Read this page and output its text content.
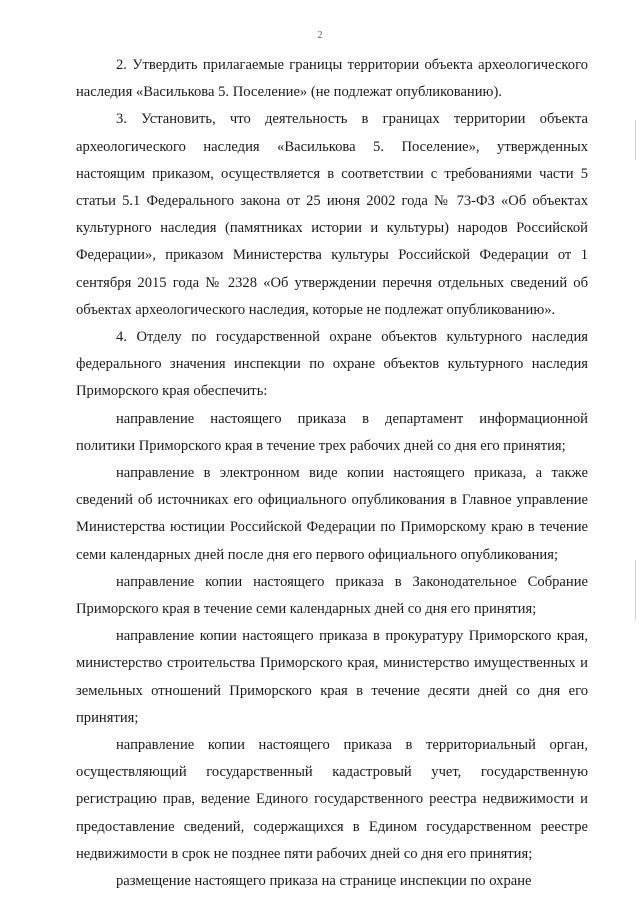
2

2. Утвердить прилагаемые границы территории объекта археологического наследия «Василькова 5. Поселение» (не подлежат опубликованию).

3. Установить, что деятельность в границах территории объекта археологического наследия «Василькова 5. Поселение», утвержденных настоящим приказом, осуществляется в соответствии с требованиями части 5 статьи 5.1 Федерального закона от 25 июня 2002 года № 73-ФЗ «Об объектах культурного наследия (памятниках истории и культуры) народов Российской Федерации», приказом Министерства культуры Российской Федерации от 1 сентября 2015 года № 2328 «Об утверждении перечня отдельных сведений об объектах археологического наследия, которые не подлежат опубликованию».

4. Отделу по государственной охране объектов культурного наследия федерального значения инспекции по охране объектов культурного наследия Приморского края обеспечить:

направление настоящего приказа в департамент информационной политики Приморского края в течение трех рабочих дней со дня его принятия;

направление в электронном виде копии настоящего приказа, а также сведений об источниках его официального опубликования в Главное управление Министерства юстиции Российской Федерации по Приморскому краю в течение семи календарных дней после дня его первого официального опубликования;

направление копии настоящего приказа в Законодательное Собрание Приморского края в течение семи календарных дней со дня его принятия;

направление копии настоящего приказа в прокуратуру Приморского края, министерство строительства Приморского края, министерство имущественных и земельных отношений Приморского края в течение десяти дней со дня его принятия;

направление копии настоящего приказа в территориальный орган, осуществляющий государственный кадастровый учет, государственную регистрацию прав, ведение Единого государственного реестра недвижимости и предоставление сведений, содержащихся в Едином государственном реестре недвижимости в срок не позднее пяти рабочих дней со дня его принятия;

размещение настоящего приказа на странице инспекции по охране
